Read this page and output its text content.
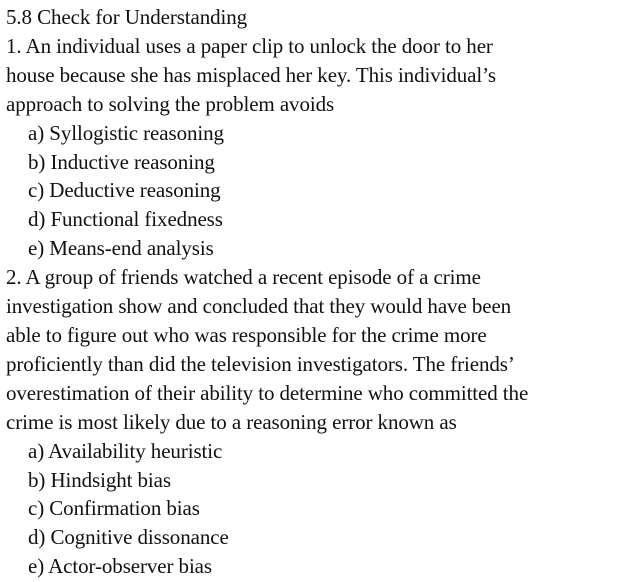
5.8 Check for Understanding
1. An individual uses a paper clip to unlock the door to her
house because she has misplaced her key. This individual’s
approach to solving the problem avoids
a) Syllogistic reasoning
b) Inductive reasoning
c) Deductive reasoning
d) Functional fixedness
e) Means-end analysis
2. A group of friends watched a recent episode of a crime
investigation show and concluded that they would have been
able to figure out who was responsible for the crime more
proficiently than did the television investigators. The friends’
overestimation of their ability to determine who committed the
crime is most likely due to a reasoning error known as
a) Availability heuristic
b) Hindsight bias
c) Confirmation bias
d) Cognitive dissonance
e) Actor-observer bias
